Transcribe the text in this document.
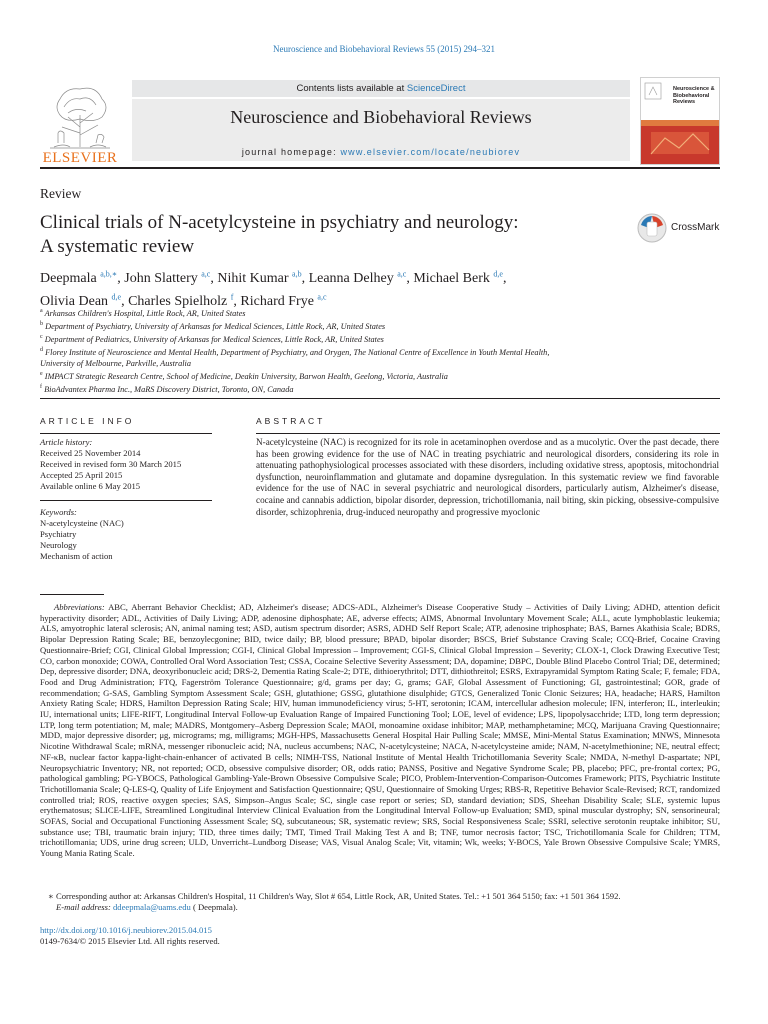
Neuroscience and Biobehavioral Reviews 55 (2015) 294–321
ELSEVIER
Contents lists available at ScienceDirect
Neuroscience and Biobehavioral Reviews
journal homepage: www.elsevier.com/locate/neubiorev
Neuroscience & Biobehavioral Reviews
Review
Clinical trials of N-acetylcysteine in psychiatry and neurology:
A systematic review
CrossMark
Deepmala $^{a,b,∗}$, John Slattery $^{a,c}$, Nihit Kumar $^{a,b}$, Leanna Delhey $^{a,c}$, Michael Berk $^{d,e}$,
Olivia Dean $^{d,e}$, Charles Spielholz $^f$, Richard Frye $^{a,c}$
$^a$ Arkansas Children's Hospital, Little Rock, AR, United States
$^b$ Department of Psychiatry, University of Arkansas for Medical Sciences, Little Rock, AR, United States
$^c$ Department of Pediatrics, University of Arkansas for Medical Sciences, Little Rock, AR, United States
$^d$ Florey Institute of Neuroscience and Mental Health, Department of Psychiatry, and Orygen, The National Centre of Excellence in Youth Mental Health,
University of Melbourne, Parkville, Australia
$^e$ IMPACT Strategic Research Centre, School of Medicine, Deakin University, Barwon Health, Geelong, Victoria, Australia
$^f$ BioAdvantex Pharma Inc., MaRS Discovery District, Toronto, ON, Canada
ARTICLE INFO	ABSTRACT
Article history:
Received 25 November 2014
Received in revised form 30 March 2015
Accepted 25 April 2015
Available online 6 May 2015
Keywords:
N-acetylcysteine (NAC)
Psychiatry
Neurology
Mechanism of action
N-acetylcysteine (NAC) is recognized for its role in acetaminophen overdose and as a mucolytic. Over the past decade, there has been growing evidence for the use of NAC in treating psychiatric and neurological disorders, considering its role in attenuating pathophysiological processes associated with these disorders, including oxidative stress, apoptosis, mitochondrial dysfunction, neuroinflammation and glutamate and dopamine dysregulation. In this systematic review we find favorable evidence for the use of NAC in several psychiatric and neurological disorders, particularly autism, Alzheimer's disease, cocaine and cannabis addiction, bipolar disorder, depression, trichotillomania, nail biting, skin picking, obsessive-compulsive disorder, schizophrenia, drug-induced neuropathy and progressive myoclonic
Abbreviations: ABC, Aberrant Behavior Checklist; AD, Alzheimer's disease; ADCS-ADL, Alzheimer's Disease Cooperative Study – Activities of Daily Living; ADHD, attention deficit hyperactivity disorder; ADL, Activities of Daily Living; ADP, adenosine diphosphate; AE, adverse effects; AIMS, Abnormal Involuntary Movement Scale; ALL, acute lymphoblastic leukemia; ALS, amyotrophic lateral sclerosis; AN, animal naming test; ASD, autism spectrum disorder; ASRS, ADHD Self Report Scale; ATP, adenosine triphosphate; BAS, Barnes Akathisia Scale; BDRS, Bipolar Depression Rating Scale; BE, benzoylecgonine; BID, twice daily; BP, blood pressure; BPAD, bipolar disorder; BSCS, Brief Substance Craving Scale; CCQ-Brief, Cocaine Craving Questionnaire-Brief; CGI, Clinical Global Impression; CGI-I, Clinical Global Impression – Improvement; CGI-S, Clinical Global Impression – Severity; CLOX-1, Clock Drawing Executive Test; CO, carbon monoxide; COWA, Controlled Oral Word Association Test; CSSA, Cocaine Selective Severity Assessment; DA, dopamine; DBPC, Double Blind Placebo Control Trial; DE, determined; Dep, depressive disorder; DNA, deoxyribonucleic acid; DRS-2, Dementia Rating Scale-2; DTE, dithioerythritol; DTT, dithiothreitol; ESRS, Extrapyramidal Symptom Rating Scale; F, female; FDA, Food and Drug Administration; FTQ, Fagerström Tolerance Questionnaire; g/d, grams per day; G, grams; GAF, Global Assessment of Functioning; GI, gastrointestinal; GOR, grade of recommendation; G-SAS, Gambling Symptom Assessment Scale; GSH, glutathione; GSSG, glutathione disulphide; GTCS, Generalized Tonic Clonic Seizures; HA, headache; HARS, Hamilton Anxiety Rating Scale; HDRS, Hamilton Depression Rating Scale; HIV, human immunodeficiency virus; 5-HT, serotonin; ICAM, intercellular adhesion molecule; IFN, interferon; IL, interleukin; IU, international units; LIFE-RIFT, Longitudinal Interval Follow-up Evaluation Range of Impaired Functioning Tool; LOE, level of evidence; LPS, lipopolysacchride; LTD, long term depression; LTP, long term potentiation; M, male; MADRS, Montgomery–Asberg Depression Scale; MAOI, monoamine oxidase inhibitor; MAP, methamphetamine; MCQ, Marijuana Craving Questionnaire; MDD, major depressive disorder; μg, micrograms; mg, milligrams; MGH-HPS, Massachusetts General Hospital Hair Pulling Scale; MMSE, Mini-Mental Status Examination; MNWS, Minnesota Nicotine Withdrawal Scale; mRNA, messenger ribonucleic acid; NA, nucleus accumbens; NAC, N-acetylcysteine; NACA, N-acetylcysteine amide; NAM, N-acetylmethionine; NE, neutral effect; NF-κB, nuclear factor kappa-light-chain-enhancer of activated B cells; NIMH-TSS, National Institute of Mental Health Trichotillomania Severity Scale; NMDA, N-methyl D-aspartate; NPI, Neuropsychiatric Inventory; NR, not reported; OCD, obsessive compulsive disorder; OR, odds ratio; PANSS, Positive and Negative Syndrome Scale; PB, placebo; PFC, pre-frontal cortex; PG, pathological gambling; PG-YBOCS, Pathological Gambling-Yale-Brown Obsessive Compulsive Scale; PICO, Problem-Intervention-Comparison-Outcomes Framework; PITS, Psychiatric Institute Trichotillomania Scale; Q-LES-Q, Quality of Life Enjoyment and Satisfaction Questionnaire; QSU, Questionnaire of Smoking Urges; RBS-R, Repetitive Behavior Scale-Revised; RCT, randomized controlled trial; ROS, reactive oxygen species; SAS, Simpson–Angus Scale; SC, single case report or series; SD, standard deviation; SDS, Sheehan Disability Scale; SLE, systemic lupus erythematosus; SLICE-LIFE, Streamlined Longitudinal Interview Clinical Evaluation from the Longitudinal Interval Follow-up Evaluation; SMD, spinal muscular dystrophy; SN, sensorineural; SOFAS, Social and Occupational Functioning Assessment Scale; SQ, subcutaneous; SR, systematic review; SRS, Social Responsiveness Scale; SSRI, selective serotonin reuptake inhibitor; SU, substance use; TBI, traumatic brain injury; TID, three times daily; TMT, Timed Trail Making Test A and B; TNF, tumor necrosis factor; TSC, Trichotillomania Scale for Children; TTM, trichotillomania; UDS, urine drug screen; ULD, Unverricht–Lundborg Disease; VAS, Visual Analog Scale; Vit, vitamin; Wk, weeks; Y-BOCS, Yale Brown Obsessive Compulsive Scale; YMRS, Young Mania Rating Scale.
∗ Corresponding author at: Arkansas Children's Hospital, 11 Children's Way, Slot # 654, Little Rock, AR, United States. Tel.: +1 501 364 5150; fax: +1 501 364 1592.
E-mail address: ddeepmala@uams.edu ( Deepmala).
http://dx.doi.org/10.1016/j.neubiorev.2015.04.015
0149-7634/© 2015 Elsevier Ltd. All rights reserved.
